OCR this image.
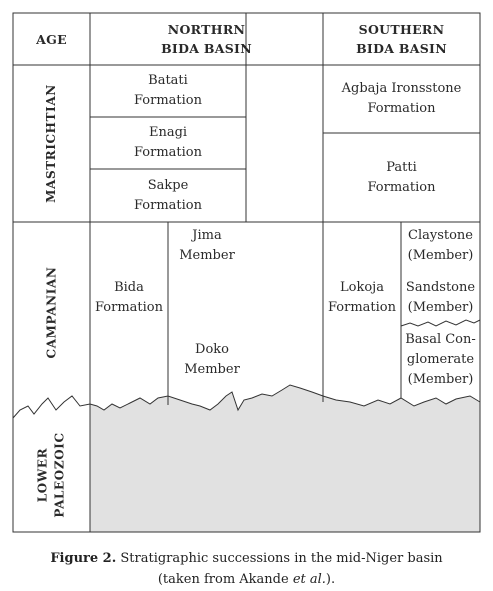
AGE
NORTHRN
BIDA BASIN
SOUTHERN
BIDA BASIN
MASTRICHTIAN
CAMPANIAN
LOWER PALEOZOIC
Batati
Formation
Enagi
Formation
Sakpe
Formation
Bida
Formation
Jima
Member
Doko
Member
Agbaja Ironsstone
Formation
Patti
Formation
Lokoja
Formation
Claystone
(Member)
Sandstone
(Member)
Basal Con-
glomerate
(Member)
Figure 2. Stratigraphic successions in the mid-Niger basin
(taken from Akande et al.).
